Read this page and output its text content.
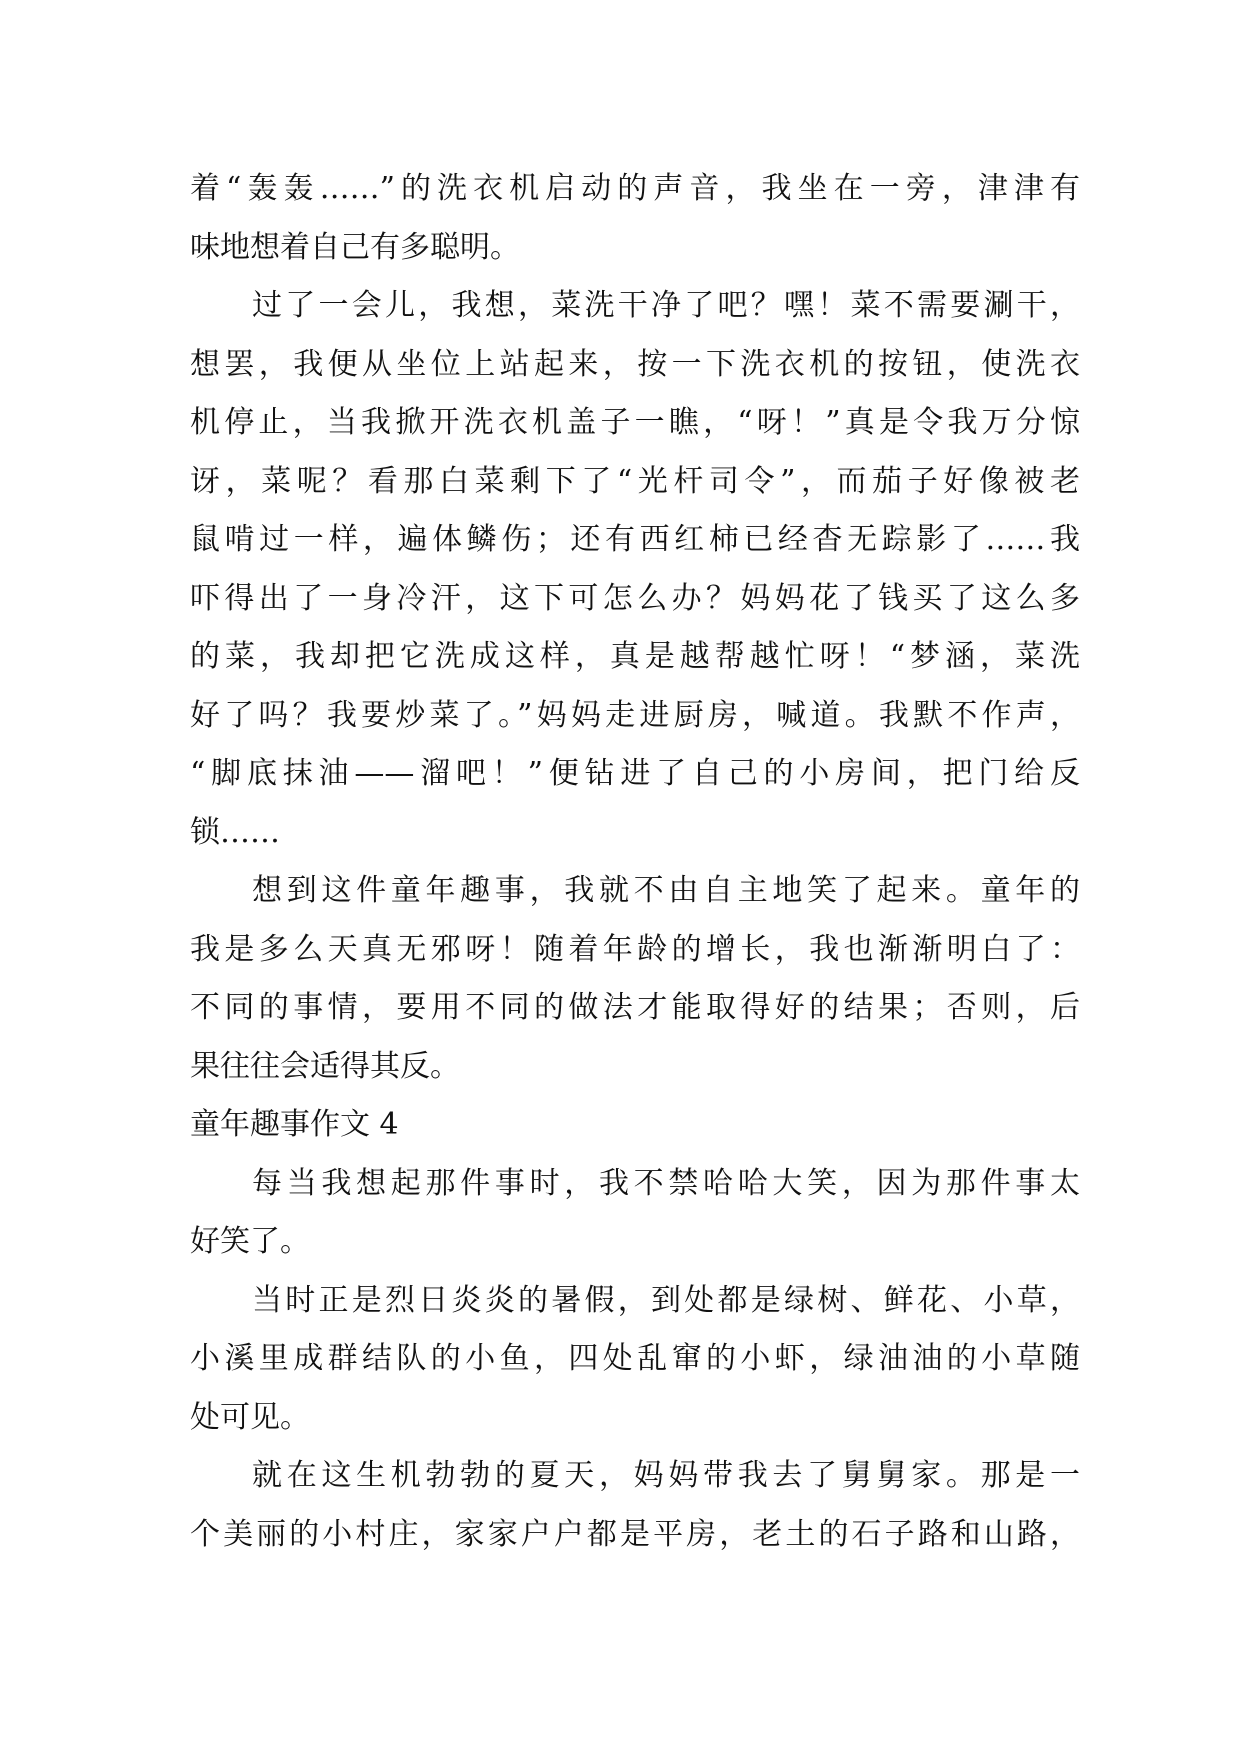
着“轰轰……”的洗衣机启动的声音，我坐在一旁，津津有
味地想着自己有多聪明。
过了一会儿，我想，菜洗干净了吧？嘿！菜不需要涮干，
想罢，我便从坐位上站起来，按一下洗衣机的按钮，使洗衣
机停止，当我掀开洗衣机盖子一瞧，“呀！”真是令我万分惊
讶，菜呢？看那白菜剩下了“光杆司令”，而茄子好像被老
鼠啃过一样，遍体鳞伤；还有西红柿已经杳无踪影了……我
吓得出了一身冷汗，这下可怎么办？妈妈花了钱买了这么多
的菜，我却把它洗成这样，真是越帮越忙呀！“梦涵，菜洗
好了吗？我要炒菜了。”妈妈走进厨房，喊道。我默不作声，
“脚底抹油——溜吧！”便钻进了自己的小房间，把门给反
锁……
想到这件童年趣事，我就不由自主地笑了起来。童年的
我是多么天真无邪呀！随着年龄的增长，我也渐渐明白了：
不同的事情，要用不同的做法才能取得好的结果；否则，后
果往往会适得其反。
童年趣事作文 4
每当我想起那件事时，我不禁哈哈大笑，因为那件事太
好笑了。
当时正是烈日炎炎的暑假，到处都是绿树、鲜花、小草，
小溪里成群结队的小鱼，四处乱窜的小虾，绿油油的小草随
处可见。
就在这生机勃勃的夏天，妈妈带我去了舅舅家。那是一
个美丽的小村庄，家家户户都是平房，老土的石子路和山路，
